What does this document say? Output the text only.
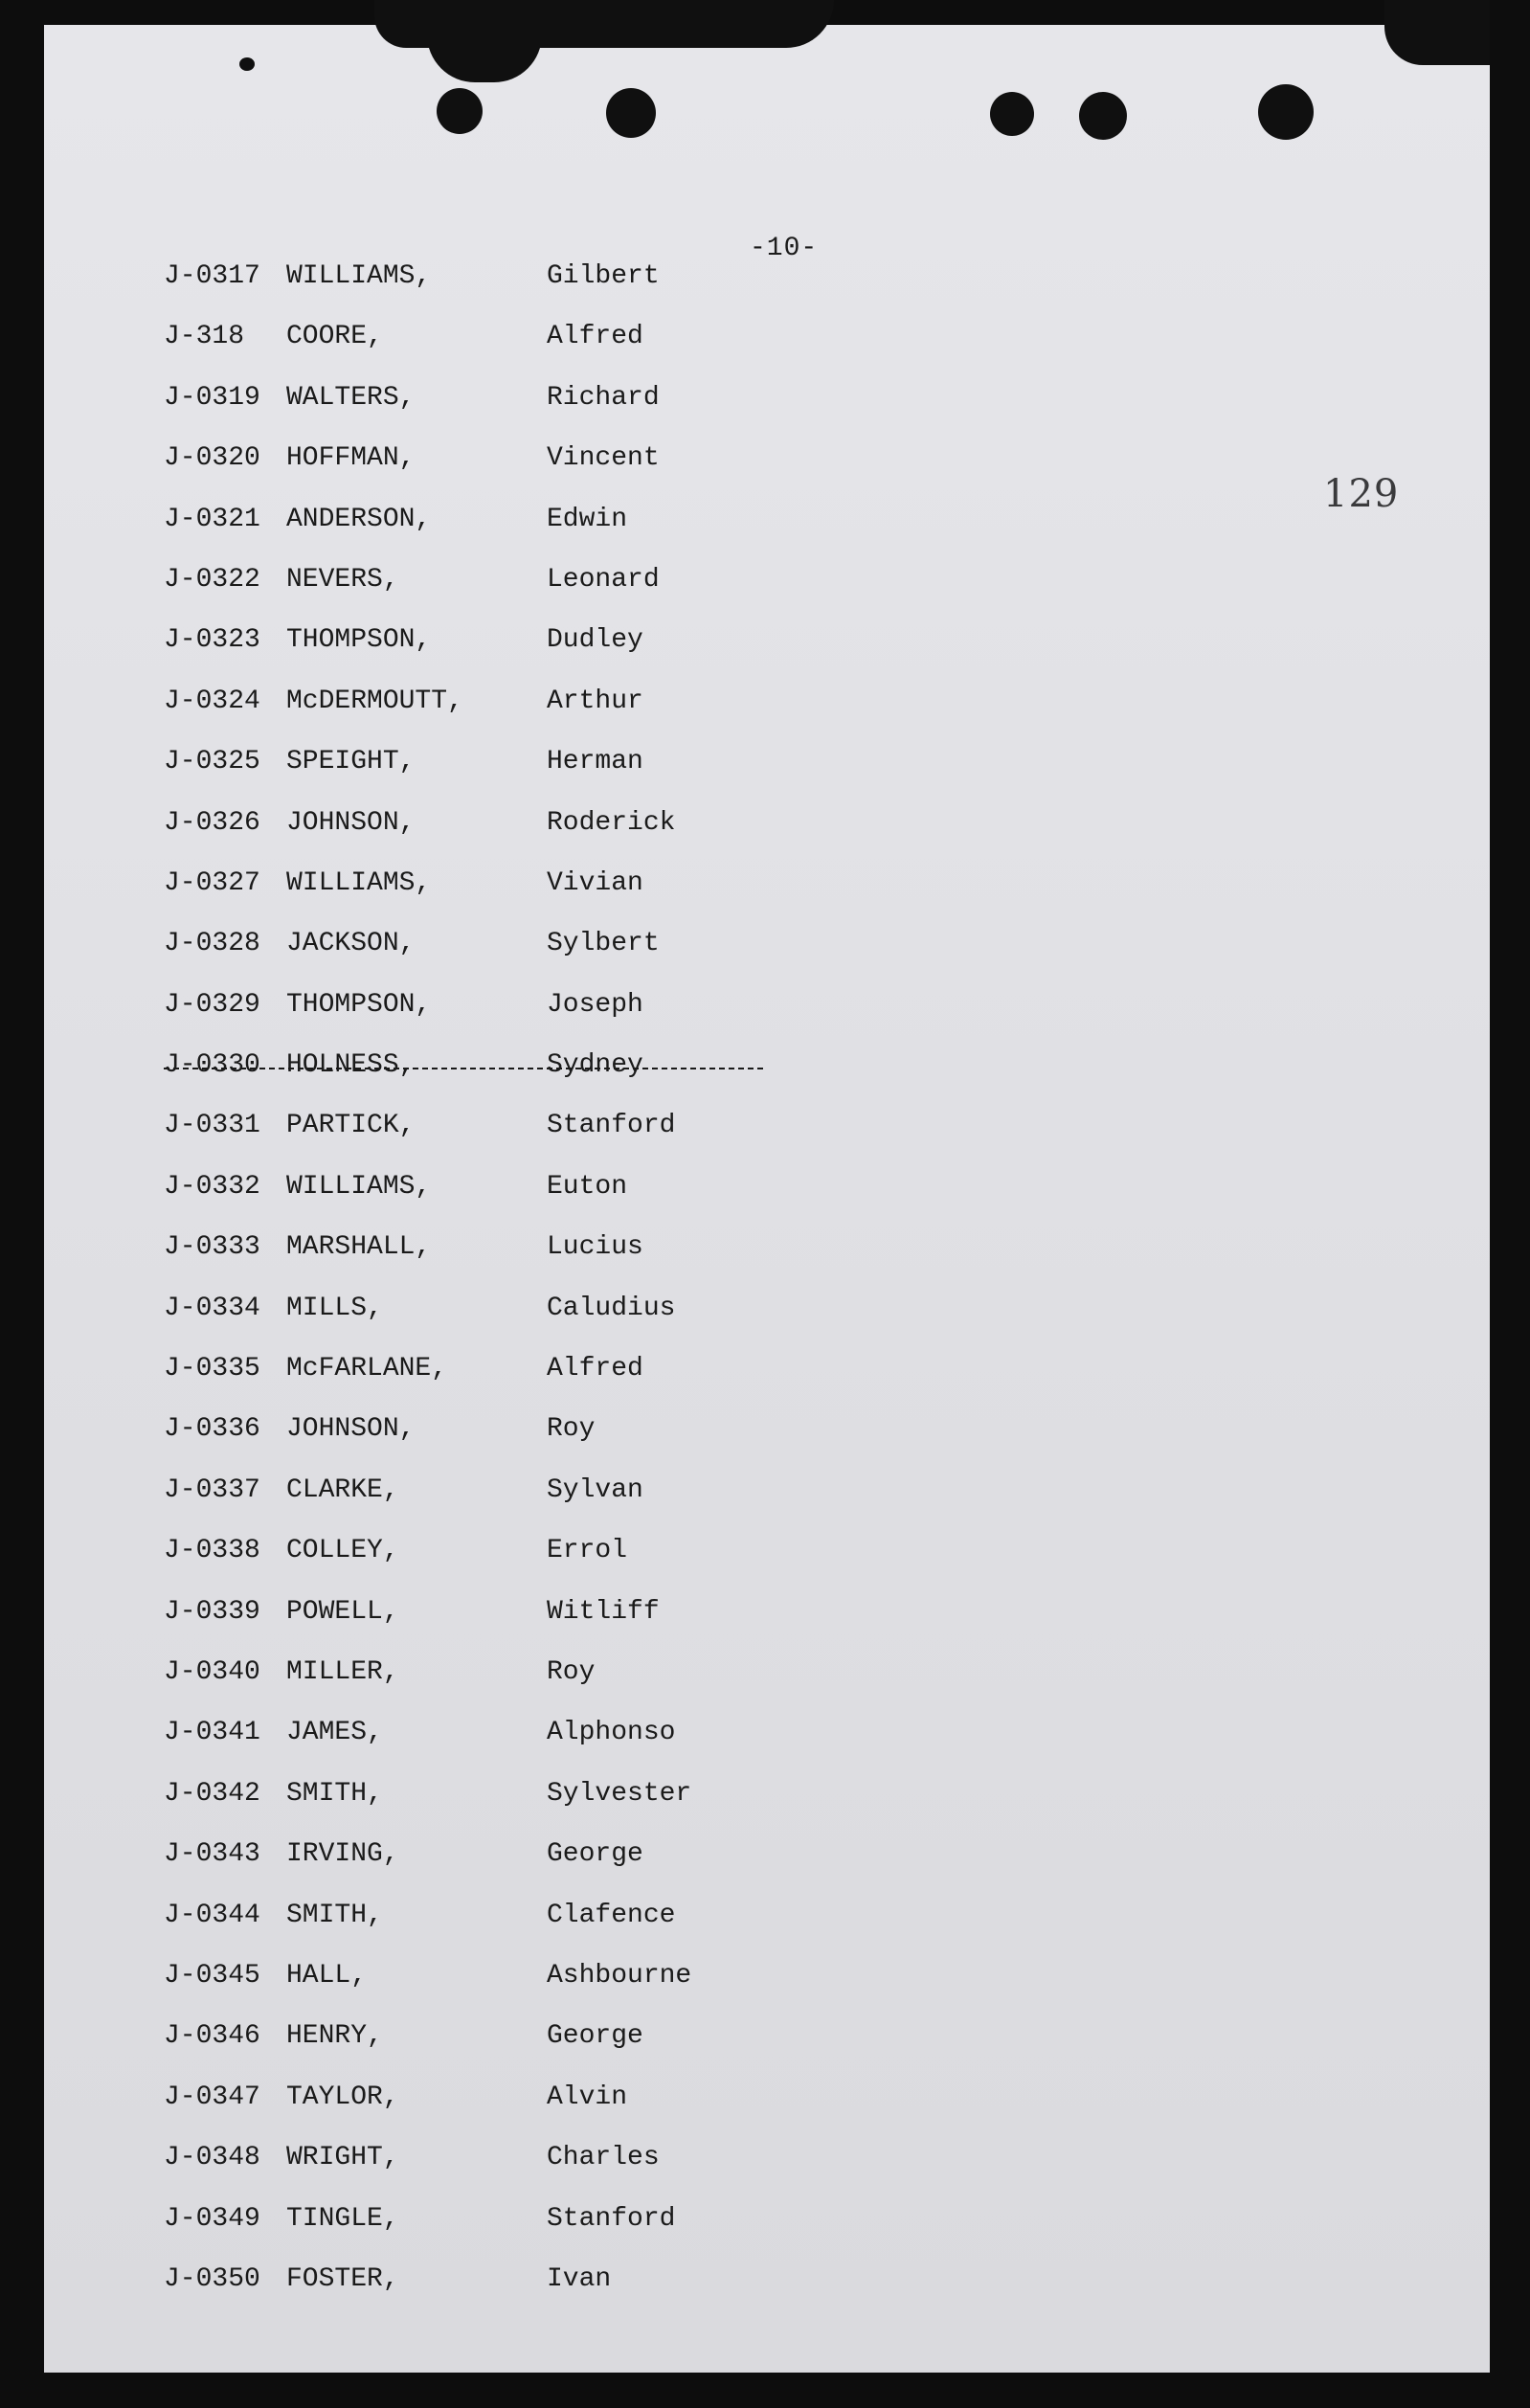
-10-
129
J-0317 WILLIAMS,	Gilbert
J-318 COORE,	Alfred
J-0319 WALTERS,	Richard
J-0320 HOFFMAN,	Vincent
J-0321 ANDERSON,	Edwin
J-0322 NEVERS,	Leonard
J-0323 THOMPSON,	Dudley
J-0324 McDERMOUTT,	Arthur
J-0325 SPEIGHT,	Herman
J-0326 JOHNSON,	Roderick
J-0327 WILLIAMS,	Vivian
J-0328 JACKSON,	Sylbert
J-0329 THOMPSON,	Joseph
J-0330 HOLNESS,	Sydney
J-0331 PARTICK,	Stanford
J-0332 WILLIAMS,	Euton
J-0333 MARSHALL,	Lucius
J-0334 MILLS,	Caludius
J-0335 McFARLANE,	Alfred
J-0336 JOHNSON,	Roy
J-0337 CLARKE,	Sylvan
J-0338 COLLEY,	Errol
J-0339 POWELL,	Witliff
J-0340 MILLER,	Roy
J-0341 JAMES,	Alphonso
J-0342 SMITH,	Sylvester
J-0343 IRVING,	George
J-0344 SMITH,	Clafence
J-0345 HALL,	Ashbourne
J-0346 HENRY,	George
J-0347 TAYLOR,	Alvin
J-0348 WRIGHT,	Charles
J-0349 TINGLE,	Stanford
J-0350 FOSTER,	Ivan
